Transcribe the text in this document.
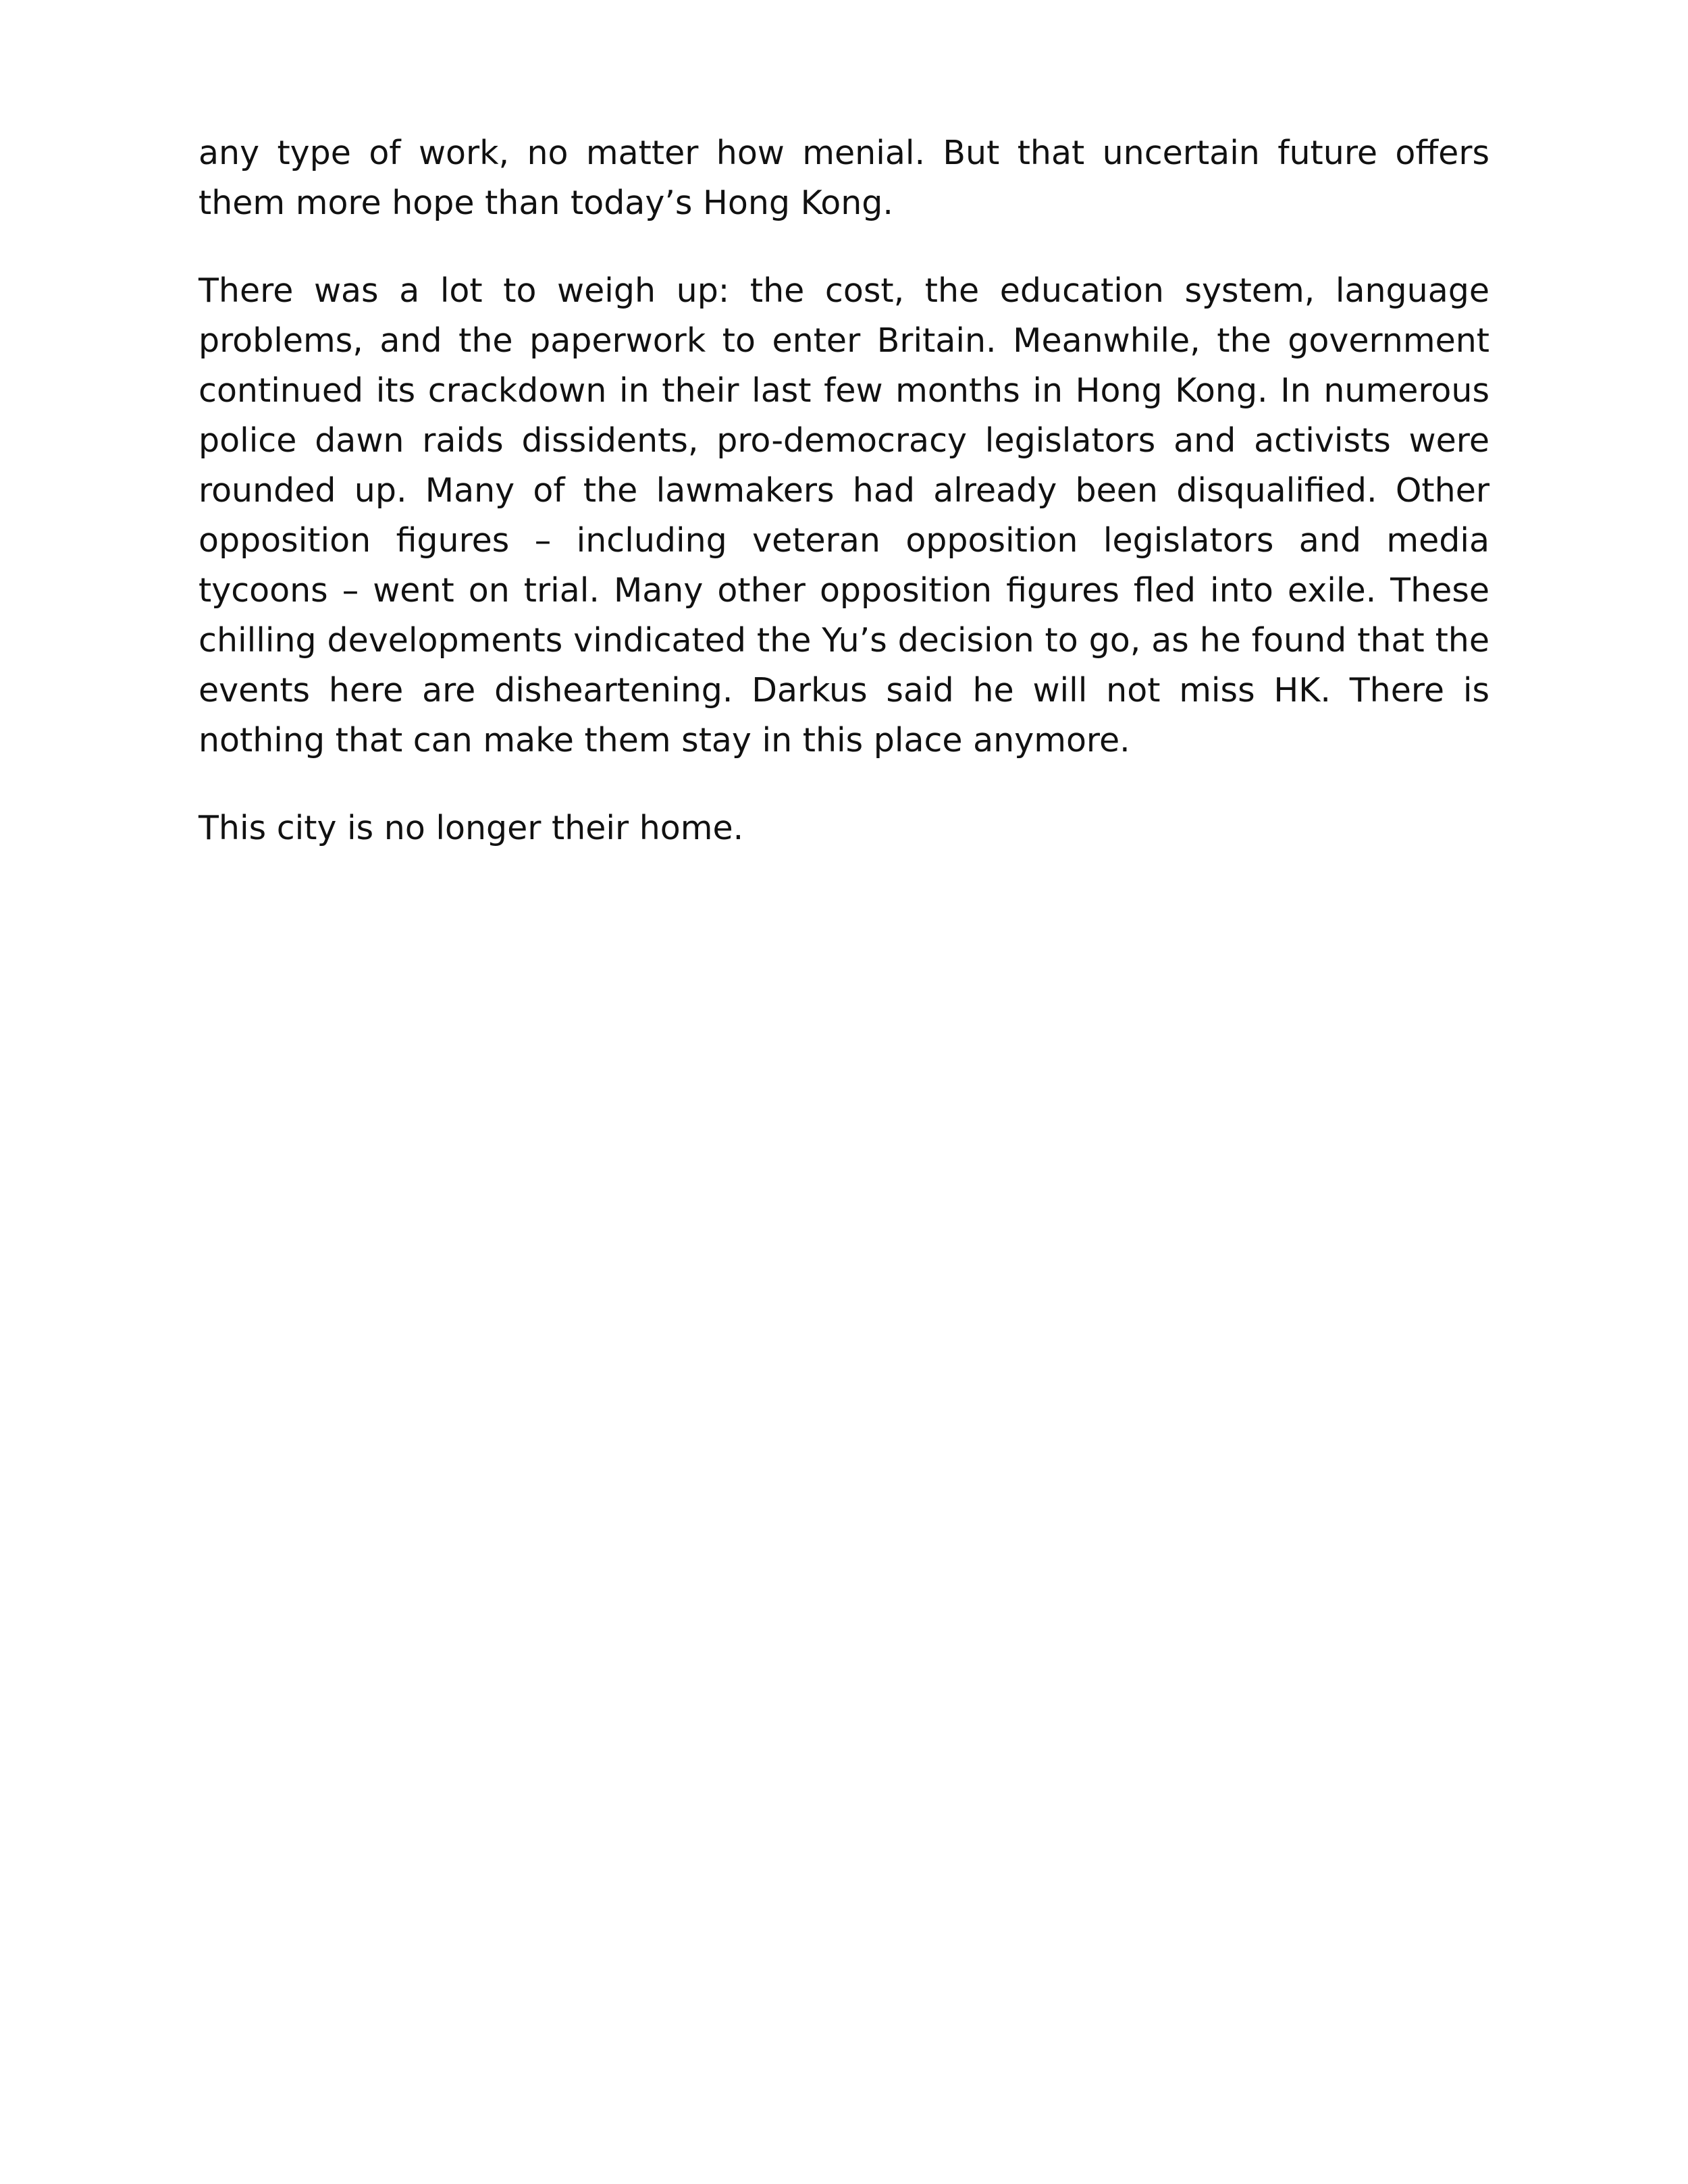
any type of work, no matter how menial. But that uncertain future offers them more hope than today’s Hong Kong.

There was a lot to weigh up: the cost, the education system, language problems, and the paperwork to enter Britain. Meanwhile, the government continued its crackdown in their last few months in Hong Kong. In numerous police dawn raids dissidents, pro-democracy legislators and activists were rounded up. Many of the lawmakers had already been disqualified. Other opposition figures – including veteran opposition legislators and media tycoons – went on trial. Many other opposition figures fled into exile. These chilling developments vindicated the Yu’s decision to go, as he found that the events here are disheartening. Darkus said he will not miss HK. There is nothing that can make them stay in this place anymore.

This city is no longer their home.
